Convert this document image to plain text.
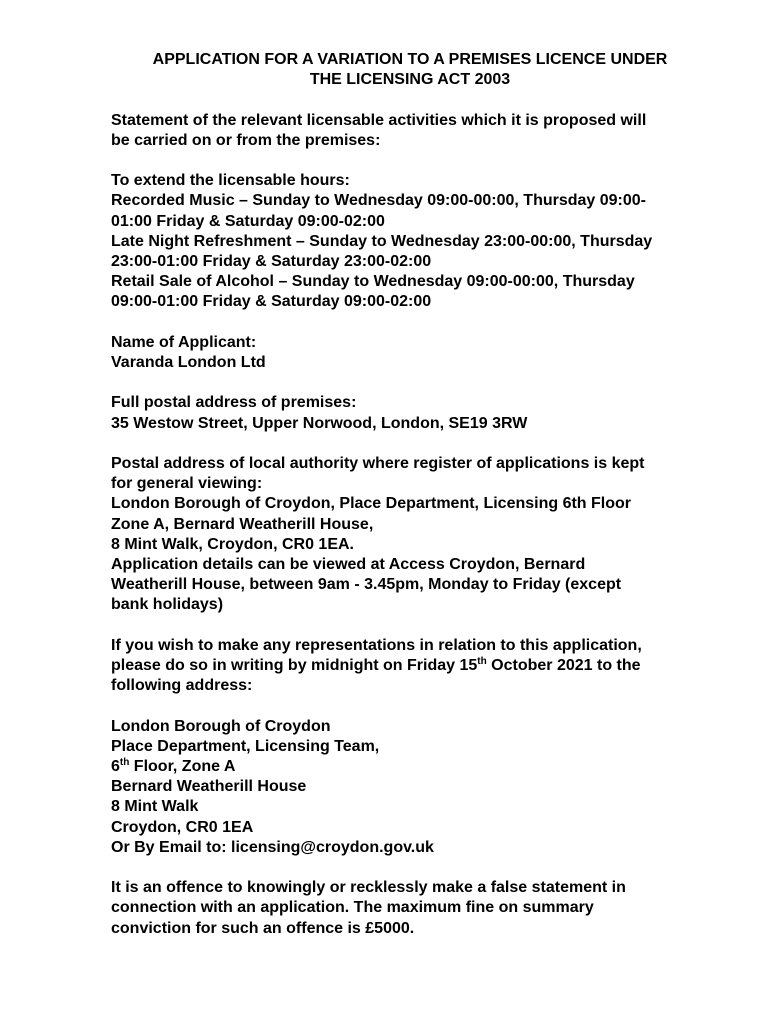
APPLICATION FOR A VARIATION TO A PREMISES LICENCE UNDER
THE LICENSING ACT 2003
Statement of the relevant licensable activities which it is proposed will
be carried on or from the premises:
To extend the licensable hours:
Recorded Music – Sunday to Wednesday 09:00-00:00, Thursday 09:00-
01:00 Friday & Saturday 09:00-02:00
Late Night Refreshment – Sunday to Wednesday 23:00-00:00, Thursday
23:00-01:00 Friday & Saturday 23:00-02:00
Retail Sale of Alcohol – Sunday to Wednesday 09:00-00:00, Thursday
09:00-01:00 Friday & Saturday 09:00-02:00
Name of Applicant:
Varanda London Ltd
Full postal address of premises:
35 Westow Street, Upper Norwood, London, SE19 3RW
Postal address of local authority where register of applications is kept
for general viewing:
London Borough of Croydon, Place Department, Licensing 6th Floor
Zone A, Bernard Weatherill House,
8 Mint Walk, Croydon, CR0 1EA.
Application details can be viewed at Access Croydon, Bernard
Weatherill House, between 9am - 3.45pm, Monday to Friday (except
bank holidays)
If you wish to make any representations in relation to this application,
please do so in writing by midnight on Friday 15th October 2021 to the
following address:
London Borough of Croydon
Place Department, Licensing Team,
6th Floor, Zone A
Bernard Weatherill House
8 Mint Walk
Croydon, CR0 1EA
Or By Email to: licensing@croydon.gov.uk
It is an offence to knowingly or recklessly make a false statement in
connection with an application. The maximum fine on summary
conviction for such an offence is £5000.
